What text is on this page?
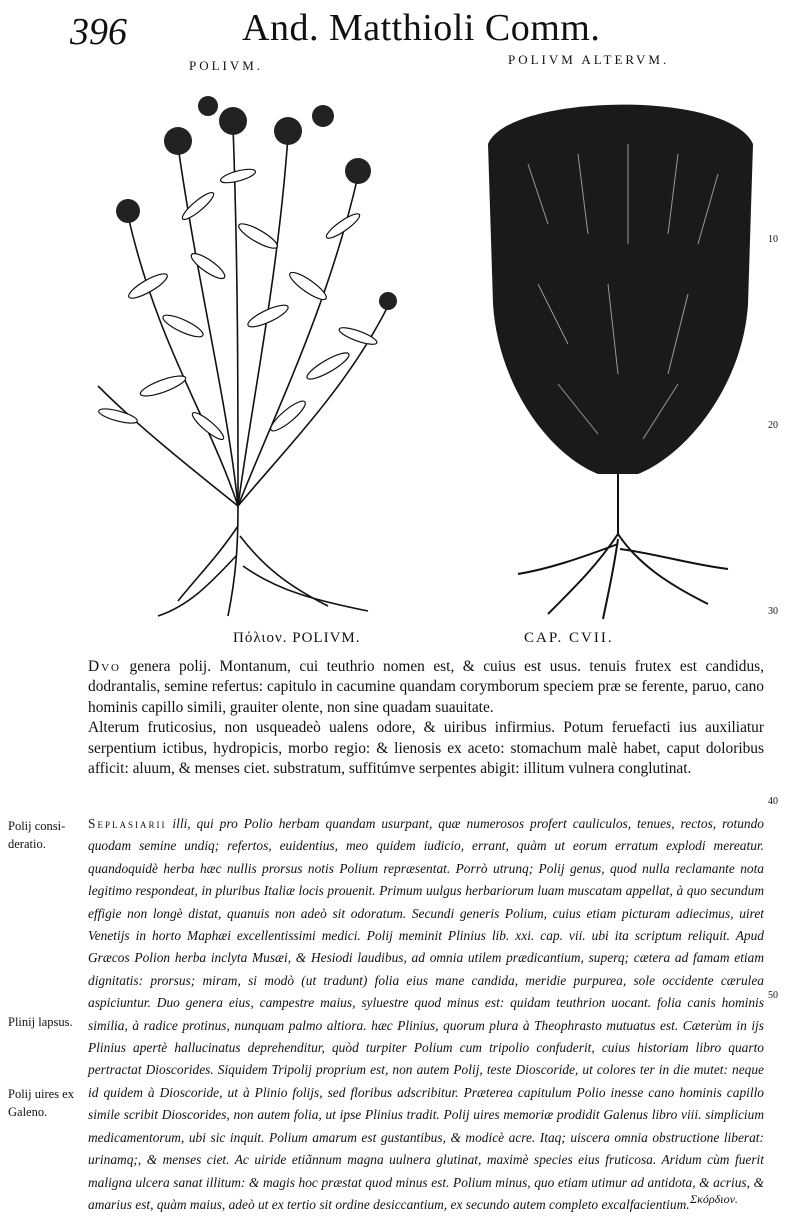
396	And. Matthioli Comm.
POLIVM.	POLIVM ALTERVM.
10
20
30
40
50
Πόλιον. POLIVM.	CAP. CVII.
Dvo genera polij. Montanum, cui teuthrio nomen est, & cuius est usus. tenuis frutex est candidus, dodrantalis, semine refertus: capitulo in cacumine quandam corymborum speciem præ se ferente, paruo, cano hominis capillo simili, grauiter olente, non sine quadam suauitate.
Alterum fruticosius, non usqueadeò ualens odore, & uiribus infirmius. Potum feruefacti ius auxiliatur serpentium ictibus, hydropicis, morbo regio: & lienosis ex aceto: stomachum malè habet, caput doloribus afficit: aluum, & menses ciet. substratum, suffitúmve serpentes abigit: illitum vulnera conglutinat.
Seplasiarii illi, qui pro Polio herbam quandam usurpant, quæ numerosos profert cauliculos, tenues, rectos, rotundo quodam semine undiq; refertos, euidentius, meo quidem iudicio, errant, quàm ut eorum erratum explodi mereatur. quandoquidè herba hæc nullis prorsus notis Polium repræsentat. Porrò utrunq; Polij genus, quod nulla reclamante nota legitimo respondeat, in pluribus Italiæ locis prouenit. Primum uulgus herbariorum luam muscatam appellat, à quo secundum effigie non longè distat, quanuis non adeò sit odoratum. Secundi generis Polium, cuius etiam picturam adiecimus, uiret Venetijs in horto Maphæi excellentissimi medici. Polij meminit Plinius lib. xxi. cap. vii. ubi ita scriptum reliquit. Apud Græcos Polion herba inclyta Musæi, & Hesiodi laudibus, ad omnia utilem prædicantium, superq; cætera ad famam etiam dignitatis: prorsus; miram, si modò (ut tradunt) folia eius mane candida, meridie purpurea, sole occidente cærulea aspiciuntur. Duo genera eius, campestre maius, syluestre quod minus est: quidam teuthrion uocant. folia canis hominis similia, à radice protinus, nunquam palmo altiora. hæc Plinius, quorum plura à Theophrasto mutuatus est. Cæterùm in ijs Plinius apertè hallucinatus deprehenditur, quòd turpiter Polium cum tripolio confuderit, cuius historiam libro quarto pertractat Dioscorides. Siquidem Tripolij proprium est, non autem Polij, teste Dioscoride, ut colores ter in die mutet: neque id quidem à Dioscoride, ut à Plinio folijs, sed floribus adscribitur. Præterea capitulum Polio inesse cano hominis capillo simile scribit Dioscorides, non autem folia, ut ipse Plinius tradit. Polij uires memoriæ prodidit Galenus libro viii. simplicium medicamentorum, ubi sic inquit. Polium amarum est gustantibus, & modicè acre. Itaq; uiscera omnia obstructione liberat: urinamq;, & menses ciet. Ac uiride etiãnnum magna uulnera glutinat, maximè species eius fruticosa. Aridum cùm fuerit maligna ulcera sanat illitum: & magis hoc præstat quod minus est. Polium minus, quo etiam utimur ad antidota, & acrius, & amarius est, quàm maius, adeò ut ex tertio sit ordine desiccantium, ex secundo autem completo excalfacientium.
Polij consi-
deratio.
Plinij lapsus.
Polij uires ex
Galeno.
Σκόρδιον.
